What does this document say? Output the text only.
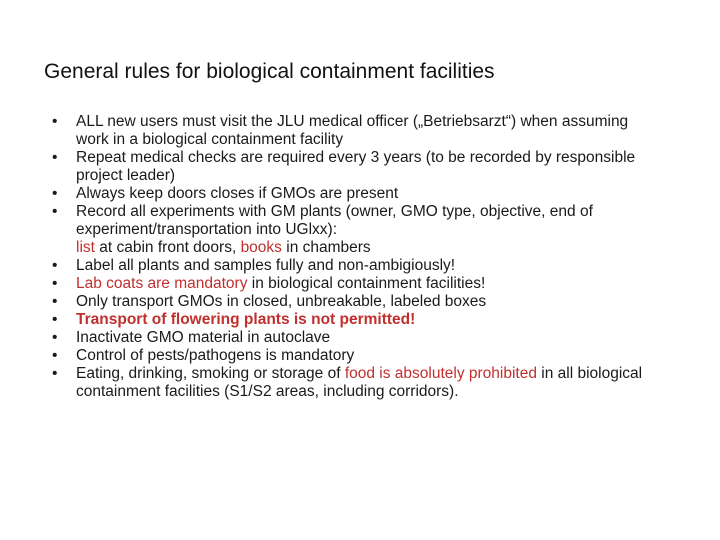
General rules for biological containment facilities
•	ALL new users must visit the JLU medical officer („Betriebsarzt“) when assuming work in a biological containment facility
•	Repeat medical checks are required every 3 years (to be recorded by responsible project leader)
•	Always keep doors closes if GMOs are present
•	Record all experiments with GM plants (owner, GMO type, objective, end of experiment/transportation into UGlxx):
list at cabin front doors, books in chambers
•	Label all plants and samples fully and non-ambigiously!
•	Lab coats are mandatory in biological containment facilities!
•	Only transport GMOs in closed, unbreakable, labeled boxes
•	Transport of flowering plants is not permitted!
•	Inactivate GMO material in autoclave
•	Control of pests/pathogens is mandatory
•	Eating, drinking, smoking or storage of food is absolutely prohibited in all biological containment facilities (S1/S2 areas, including corridors).
